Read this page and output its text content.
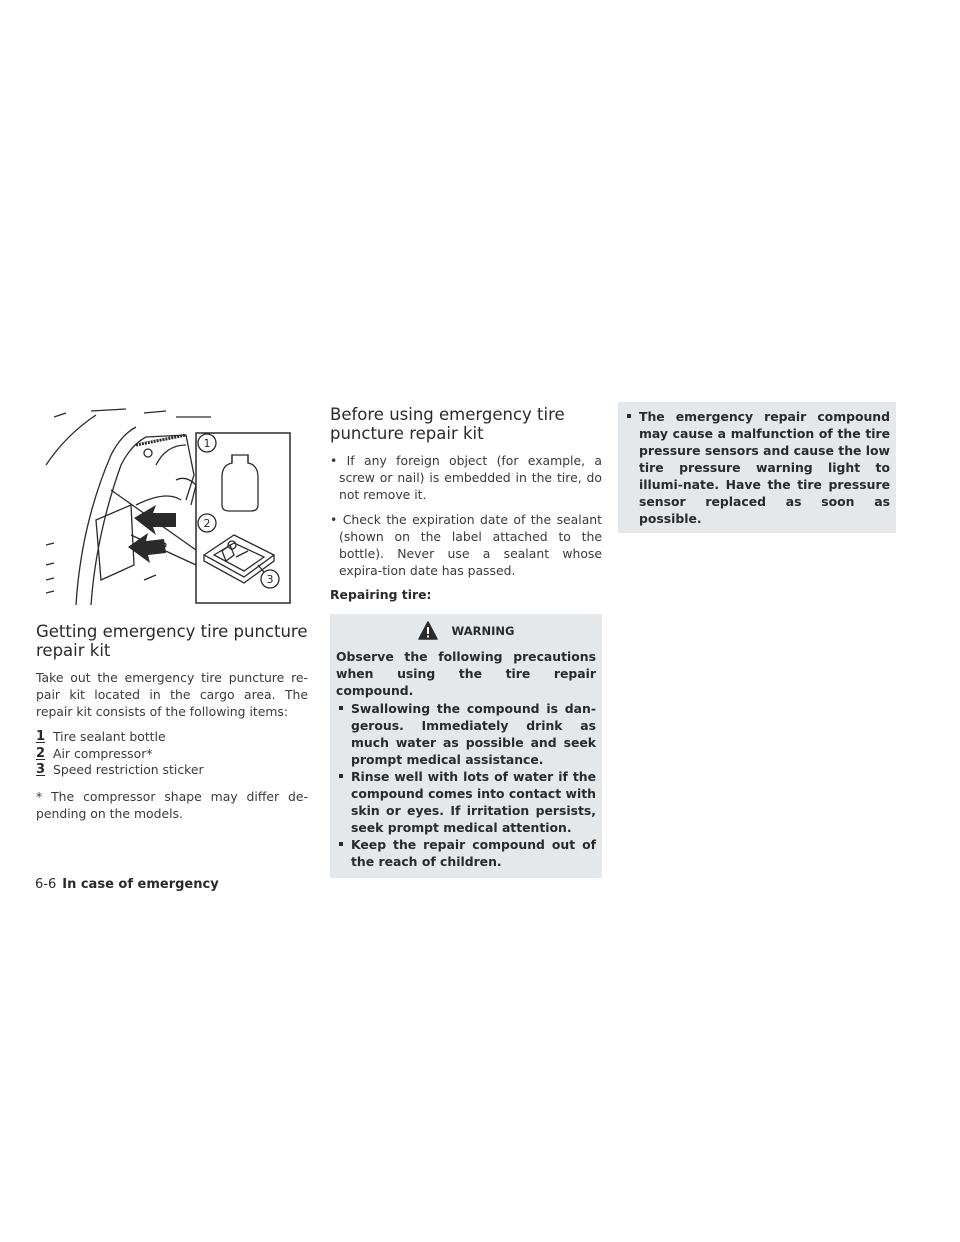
1
2
3
Getting emergency tire puncture repair kit

Take out the emergency tire puncture re-pair kit located in the cargo area. The repair kit consists of the following items:

1 Tire sealant bottle
2 Air compressor*
3 Speed restriction sticker

* The compressor shape may differ de-pending on the models.

Before using emergency tire puncture repair kit
• If any foreign object (for example, a screw or nail) is embedded in the tire, do not remove it.
• Check the expiration date of the sealant (shown on the label attached to the bottle). Never use a sealant whose expira-tion date has passed.
Repairing tire:
WARNING
Observe the following precautions when using the tire repair compound.
Swallowing the compound is dan-gerous. Immediately drink as much water as possible and seek prompt medical assistance.
Rinse well with lots of water if the compound comes into contact with skin or eyes. If irritation persists, seek prompt medical attention.
Keep the repair compound out of the reach of children.
The emergency repair compound may cause a malfunction of the tire pressure sensors and cause the low tire pressure warning light to illumi-nate. Have the tire pressure sensor replaced as soon as possible.
6-6 In case of emergency
